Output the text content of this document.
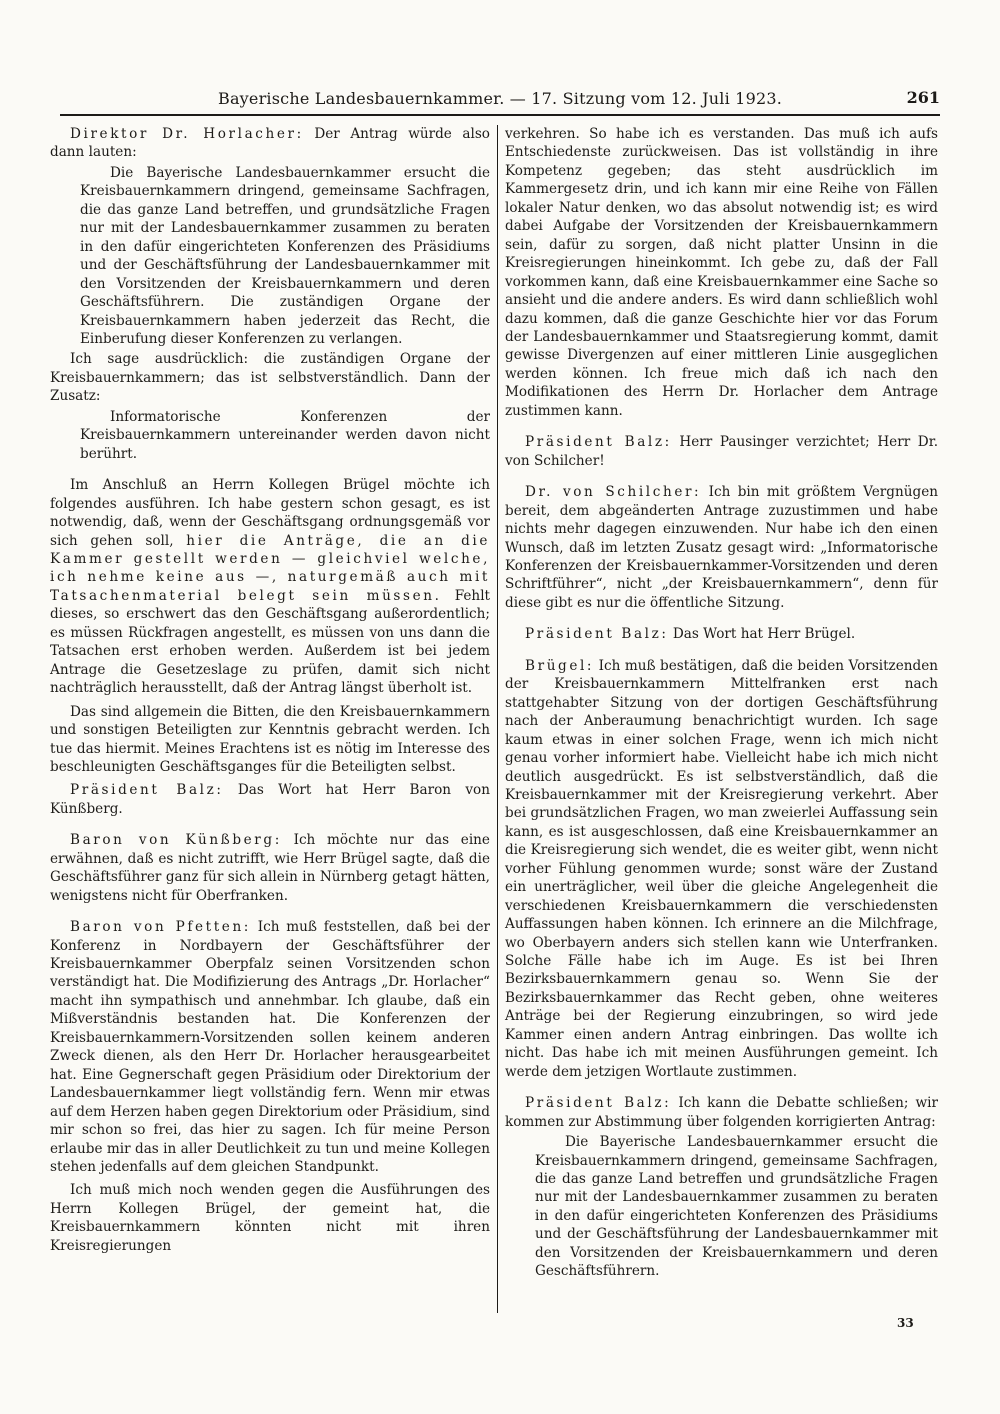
Bayerische Landesbauernkammer. — 17. Sitzung vom 12. Juli 1923.	261

Direktor Dr. Horlacher: Der Antrag würde also dann lauten:

Die Bayerische Landesbauernkammer ersucht die Kreisbauernkammern dringend, gemeinsame Sachfragen, die das ganze Land betreffen, und grundsätzliche Fragen nur mit der Landesbauernkammer zusammen zu beraten in den dafür eingerichteten Konferenzen des Präsidiums und der Geschäftsführung der Landesbauernkammer mit den Vorsitzenden der Kreisbauernkammern und deren Geschäftsführern. Die zuständigen Organe der Kreisbauernkammern haben jederzeit das Recht, die Einberufung dieser Konferenzen zu verlangen.

Ich sage ausdrücklich: die zuständigen Organe der Kreisbauernkammern; das ist selbstverständlich. Dann der Zusatz:

Informatorische Konferenzen der Kreisbauernkammern untereinander werden davon nicht berührt.

Im Anschluß an Herrn Kollegen Brügel möchte ich folgendes ausführen. Ich habe gestern schon gesagt, es ist notwendig, daß, wenn der Geschäftsgang ordnungsgemäß vor sich gehen soll, hier die Anträge, die an die Kammer gestellt werden — gleichviel welche, ich nehme keine aus —, naturgemäß auch mit Tatsachenmaterial belegt sein müssen. Fehlt dieses, so erschwert das den Geschäftsgang außerordentlich; es müssen Rückfragen angestellt, es müssen von uns dann die Tatsachen erst erhoben werden. Außerdem ist bei jedem Antrage die Gesetzeslage zu prüfen, damit sich nicht nachträglich herausstellt, daß der Antrag längst überholt ist.

Das sind allgemein die Bitten, die den Kreisbauernkammern und sonstigen Beteiligten zur Kenntnis gebracht werden. Ich tue das hiermit. Meines Erachtens ist es nötig im Interesse des beschleunigten Geschäftsganges für die Beteiligten selbst.

Präsident Balz: Das Wort hat Herr Baron von Künßberg.

Baron von Künßberg: Ich möchte nur das eine erwähnen, daß es nicht zutrifft, wie Herr Brügel sagte, daß die Geschäftsführer ganz für sich allein in Nürnberg getagt hätten, wenigstens nicht für Oberfranken.

Baron von Pfetten: Ich muß feststellen, daß bei der Konferenz in Nordbayern der Geschäftsführer der Kreisbauernkammer Oberpfalz seinen Vorsitzenden schon verständigt hat. Die Modifizierung des Antrags „Dr. Horlacher“ macht ihn sympathisch und annehmbar. Ich glaube, daß ein Mißverständnis bestanden hat. Die Konferenzen der Kreisbauernkammern-Vorsitzenden sollen keinem anderen Zweck dienen, als den Herr Dr. Horlacher herausgearbeitet hat. Eine Gegnerschaft gegen Präsidium oder Direktorium der Landesbauernkammer liegt vollständig fern. Wenn mir etwas auf dem Herzen haben gegen Direktorium oder Präsidium, sind mir schon so frei, das hier zu sagen. Ich für meine Person erlaube mir das in aller Deutlichkeit zu tun und meine Kollegen stehen jedenfalls auf dem gleichen Standpunkt.

Ich muß mich noch wenden gegen die Ausführungen des Herrn Kollegen Brügel, der gemeint hat, die Kreisbauernkammern könnten nicht mit ihren Kreisregierungen

verkehren. So habe ich es verstanden. Das muß ich aufs Entschiedenste zurückweisen. Das ist vollständig in ihre Kompetenz gegeben; das steht ausdrücklich im Kammergesetz drin, und ich kann mir eine Reihe von Fällen lokaler Natur denken, wo das absolut notwendig ist; es wird dabei Aufgabe der Vorsitzenden der Kreisbauernkammern sein, dafür zu sorgen, daß nicht platter Unsinn in die Kreisregierungen hineinkommt. Ich gebe zu, daß der Fall vorkommen kann, daß eine Kreisbauernkammer eine Sache so ansieht und die andere anders. Es wird dann schließlich wohl dazu kommen, daß die ganze Geschichte hier vor das Forum der Landesbauernkammer und Staatsregierung kommt, damit gewisse Divergenzen auf einer mittleren Linie ausgeglichen werden können. Ich freue mich daß ich nach den Modifikationen des Herrn Dr. Horlacher dem Antrage zustimmen kann.

Präsident Balz: Herr Pausinger verzichtet; Herr Dr. von Schilcher!

Dr. von Schilcher: Ich bin mit größtem Vergnügen bereit, dem abgeänderten Antrage zuzustimmen und habe nichts mehr dagegen einzuwenden. Nur habe ich den einen Wunsch, daß im letzten Zusatz gesagt wird: „Informatorische Konferenzen der Kreisbauernkammer-Vorsitzenden und deren Schriftführer“, nicht „der Kreisbauernkammern“, denn für diese gibt es nur die öffentliche Sitzung.

Präsident Balz: Das Wort hat Herr Brügel.

Brügel: Ich muß bestätigen, daß die beiden Vorsitzenden der Kreisbauernkammern Mittelfranken erst nach stattgehabter Sitzung von der dortigen Geschäftsführung nach der Anberaumung benachrichtigt wurden. Ich sage kaum etwas in einer solchen Frage, wenn ich mich nicht genau vorher informiert habe. Vielleicht habe ich mich nicht deutlich ausgedrückt. Es ist selbstverständlich, daß die Kreisbauernkammer mit der Kreisregierung verkehrt. Aber bei grundsätzlichen Fragen, wo man zweierlei Auffassung sein kann, es ist ausgeschlossen, daß eine Kreisbauernkammer an die Kreisregierung sich wendet, die es weiter gibt, wenn nicht vorher Fühlung genommen wurde; sonst wäre der Zustand ein unerträglicher, weil über die gleiche Angelegenheit die verschiedenen Kreisbauernkammern die verschiedensten Auffassungen haben können. Ich erinnere an die Milchfrage, wo Oberbayern anders sich stellen kann wie Unterfranken. Solche Fälle habe ich im Auge. Es ist bei Ihren Bezirksbauernkammern genau so. Wenn Sie der Bezirksbauernkammer das Recht geben, ohne weiteres Anträge bei der Regierung einzubringen, so wird jede Kammer einen andern Antrag einbringen. Das wollte ich nicht. Das habe ich mit meinen Ausführungen gemeint. Ich werde dem jetzigen Wortlaute zustimmen.

Präsident Balz: Ich kann die Debatte schließen; wir kommen zur Abstimmung über folgenden korrigierten Antrag:

Die Bayerische Landesbauernkammer ersucht die Kreisbauernkammern dringend, gemeinsame Sachfragen, die das ganze Land betreffen und grundsätzliche Fragen nur mit der Landesbauernkammer zusammen zu beraten in den dafür eingerichteten Konferenzen des Präsidiums und der Geschäftsführung der Landesbauernkammer mit den Vorsitzenden der Kreisbauernkammern und deren Geschäftsführern.

33
